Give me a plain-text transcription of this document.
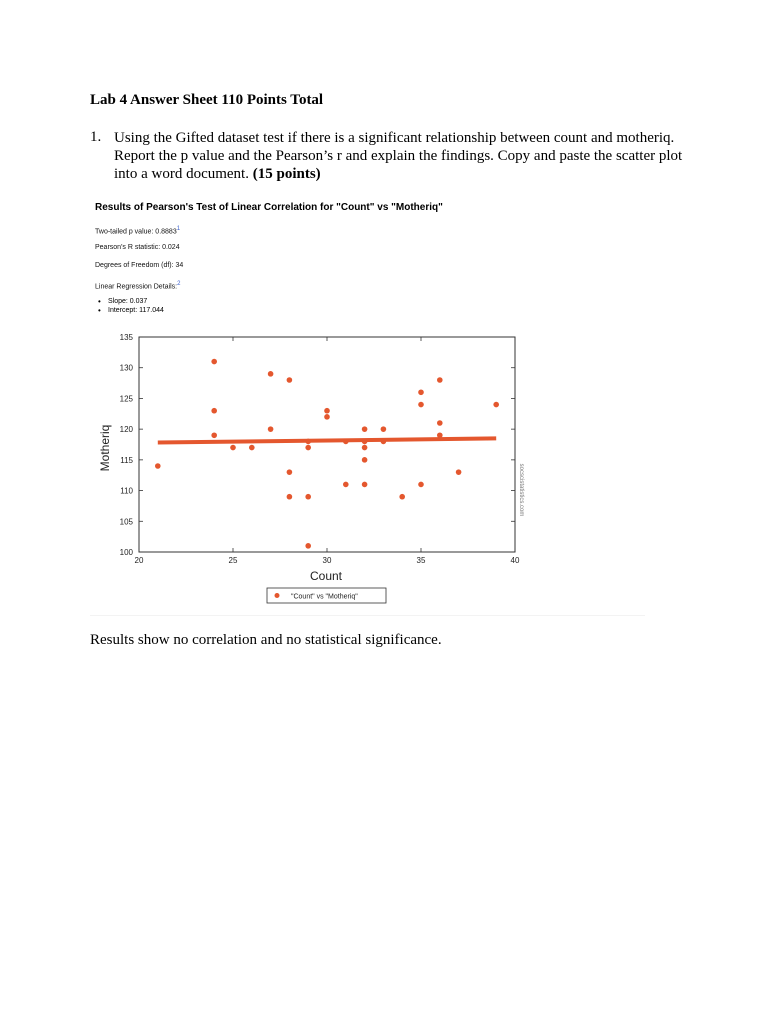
Lab 4 Answer Sheet 110 Points Total
1. Using the Gifted dataset test if there is a significant relationship between count and motheriq. Report the p value and the Pearson’s r and explain the findings. Copy and paste the scatter plot into a word document. (15 points)
Results of Pearson's Test of Linear Correlation for "Count" vs "Motheriq"
Two-tailed p value: 0.8883$^1$
Pearson's R statistic: 0.024
Degrees of Freedom (df): 34
Linear Regression Details:$^2$
• Slope: 0.037
• Intercept: 117.044
20	25	30	35	40
100
105
110
115
120
125
130
135
Count
Motheriq
socscistatistics.com
"Count" vs "Motheriq"
Results show no correlation and no statistical significance.
